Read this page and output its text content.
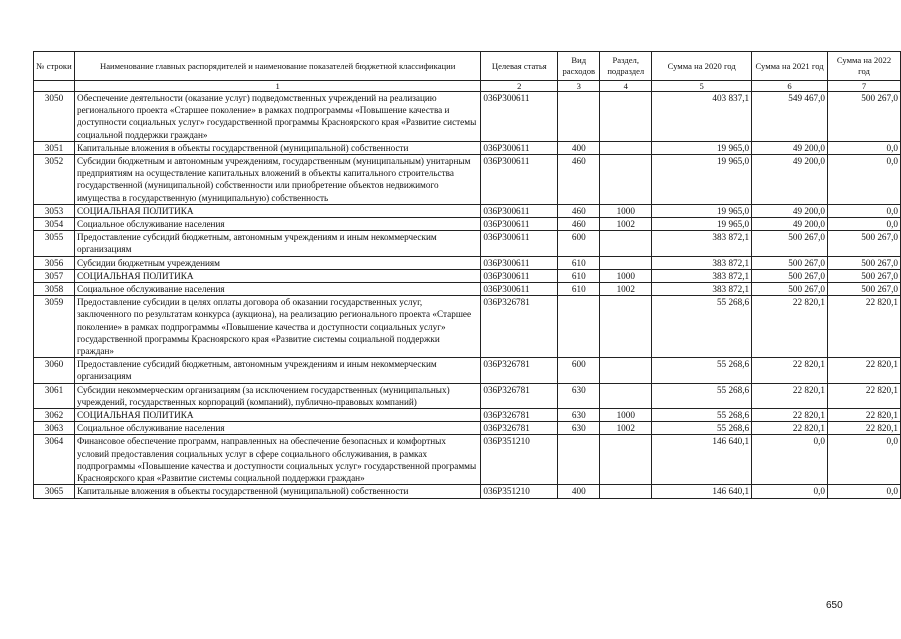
№ строки	Наименование главных распорядителей и наименование показателей бюджетной классификации	Целевая статья	Вид расходов	Раздел, подраздел	Сумма на 2020 год	Сумма на 2021 год	Сумма на 2022 год
	1	2	3	4	5	6	7
3050	Обеспечение деятельности (оказание услуг) подведомственных учреждений на реализацию регионального проекта «Старшее поколение» в рамках подпрограммы «Повышение качества и доступности социальных услуг» государственной программы Красноярского края «Развитие системы социальной поддержки граждан»	036P300611			403 837,1	549 467,0	500 267,0
3051	Капитальные вложения в объекты государственной (муниципальной) собственности	036P300611	400		19 965,0	49 200,0	0,0
3052	Субсидии бюджетным и автономным учреждениям, государственным (муниципальным) унитарным предприятиям на осуществление капитальных вложений в объекты капитального строительства государственной (муниципальной) собственности или приобретение объектов недвижимого имущества в государственную (муниципальную) собственность	036P300611	460		19 965,0	49 200,0	0,0
3053	СОЦИАЛЬНАЯ ПОЛИТИКА	036P300611	460	1000	19 965,0	49 200,0	0,0
3054	Социальное обслуживание населения	036P300611	460	1002	19 965,0	49 200,0	0,0
3055	Предоставление субсидий бюджетным, автономным учреждениям и иным некоммерческим организациям	036P300611	600		383 872,1	500 267,0	500 267,0
3056	Субсидии бюджетным учреждениям	036P300611	610		383 872,1	500 267,0	500 267,0
3057	СОЦИАЛЬНАЯ ПОЛИТИКА	036P300611	610	1000	383 872,1	500 267,0	500 267,0
3058	Социальное обслуживание населения	036P300611	610	1002	383 872,1	500 267,0	500 267,0
3059	Предоставление субсидии в целях оплаты договора об оказании государственных услуг, заключенного по результатам конкурса (аукциона), на реализацию регионального проекта «Старшее поколение» в рамках подпрограммы «Повышение качества и доступности социальных услуг» государственной программы Красноярского края «Развитие системы социальной поддержки граждан»	036P326781			55 268,6	22 820,1	22 820,1
3060	Предоставление субсидий бюджетным, автономным учреждениям и иным некоммерческим организациям	036P326781	600		55 268,6	22 820,1	22 820,1
3061	Субсидии некоммерческим организациям (за исключением государственных (муниципальных) учреждений, государственных корпораций (компаний), публично-правовых компаний)	036P326781	630		55 268,6	22 820,1	22 820,1
3062	СОЦИАЛЬНАЯ ПОЛИТИКА	036P326781	630	1000	55 268,6	22 820,1	22 820,1
3063	Социальное обслуживание населения	036P326781	630	1002	55 268,6	22 820,1	22 820,1
3064	Финансовое обеспечение программ, направленных на обеспечение безопасных и комфортных условий предоставления социальных услуг в сфере социального обслуживания, в рамках подпрограммы «Повышение качества и доступности социальных услуг» государственной программы Красноярского края «Развитие системы социальной поддержки граждан»	036P351210			146 640,1	0,0	0,0
3065	Капитальные вложения в объекты государственной (муниципальной) собственности	036P351210	400		146 640,1	0,0	0,0
650
